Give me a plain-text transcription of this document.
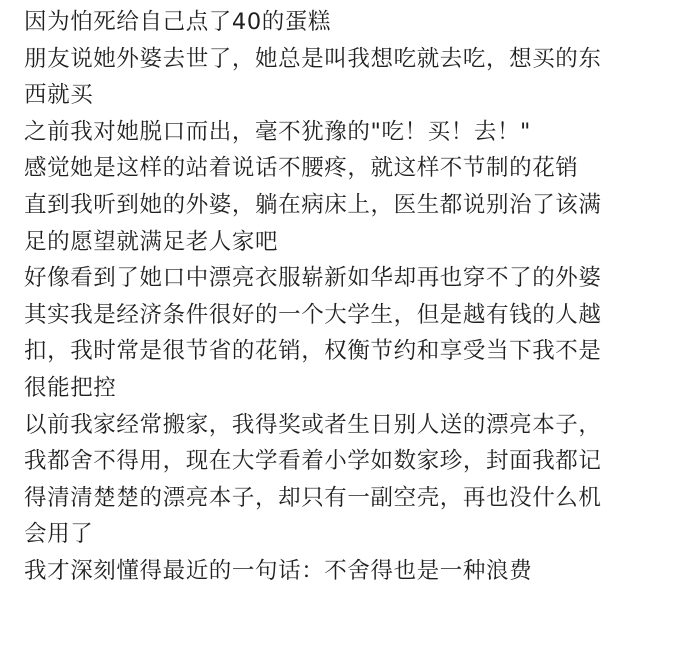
因为怕死给自己点了40的蛋糕
朋友说她外婆去世了，她总是叫我想吃就去吃，想买的东
西就买
之前我对她脱口而出，毫不犹豫的"吃！买！去！"
感觉她是这样的站着说话不腰疼，就这样不节制的花销
直到我听到她的外婆，躺在病床上，医生都说别治了该满
足的愿望就满足老人家吧
好像看到了她口中漂亮衣服崭新如华却再也穿不了的外婆
其实我是经济条件很好的一个大学生，但是越有钱的人越
扣，我时常是很节省的花销，权衡节约和享受当下我不是
很能把控
以前我家经常搬家，我得奖或者生日别人送的漂亮本子，
我都舍不得用，现在大学看着小学如数家珍，封面我都记
得清清楚楚的漂亮本子，却只有一副空壳，再也没什么机
会用了
我才深刻懂得最近的一句话：不舍得也是一种浪费
